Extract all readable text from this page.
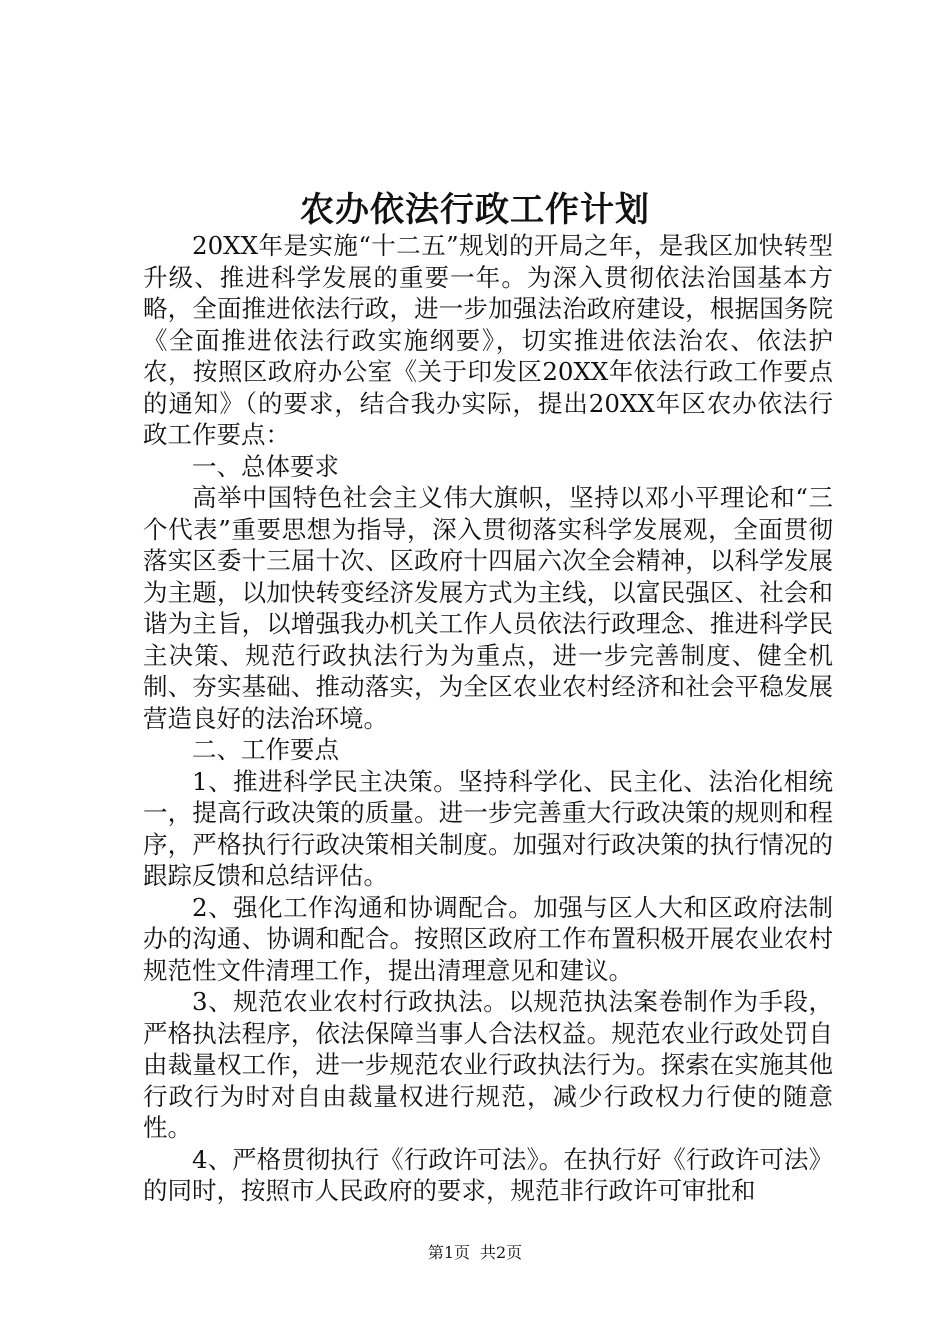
农办依法行政工作计划

20XX年是实施“十二五”规划的开局之年，是我区加快转型升级、推进科学发展的重要一年。为深入贯彻依法治国基本方略，全面推进依法行政，进一步加强法治政府建设，根据国务院《全面推进依法行政实施纲要》，切实推进依法治农、依法护农，按照区政府办公室《关于印发区20XX年依法行政工作要点的通知》（的要求，结合我办实际，提出20XX年区农办依法行政工作要点：

一、总体要求

高举中国特色社会主义伟大旗帜，坚持以邓小平理论和“三个代表”重要思想为指导，深入贯彻落实科学发展观，全面贯彻落实区委十三届十次、区政府十四届六次全会精神，以科学发展为主题，以加快转变经济发展方式为主线，以富民强区、社会和谐为主旨，以增强我办机关工作人员依法行政理念、推进科学民主决策、规范行政执法行为为重点，进一步完善制度、健全机制、夯实基础、推动落实，为全区农业农村经济和社会平稳发展营造良好的法治环境。

二、工作要点

1、推进科学民主决策。坚持科学化、民主化、法治化相统一，提高行政决策的质量。进一步完善重大行政决策的规则和程序，严格执行行政决策相关制度。加强对行政决策的执行情况的跟踪反馈和总结评估。

2、强化工作沟通和协调配合。加强与区人大和区政府法制办的沟通、协调和配合。按照区政府工作布置积极开展农业农村规范性文件清理工作，提出清理意见和建议。

3、规范农业农村行政执法。以规范执法案卷制作为手段，严格执法程序，依法保障当事人合法权益。规范农业行政处罚自由裁量权工作，进一步规范农业行政执法行为。探索在实施其他行政行为时对自由裁量权进行规范，减少行政权力行使的随意性。

4、严格贯彻执行《行政许可法》。在执行好《行政许可法》的同时，按照市人民政府的要求，规范非行政许可审批和

第1页 共2页
